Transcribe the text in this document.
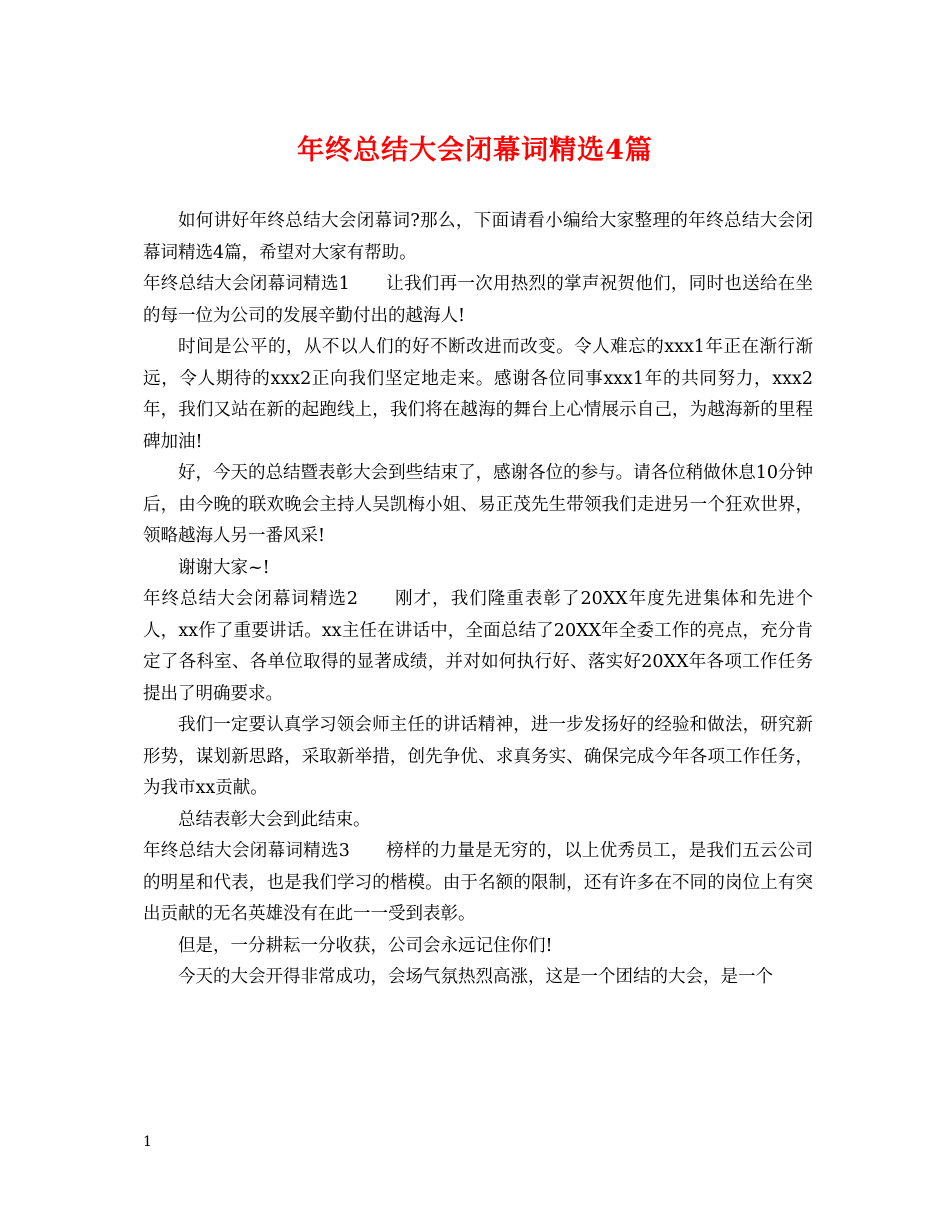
年终总结大会闭幕词精选4篇

如何讲好年终总结大会闭幕词?那么，下面请看小编给大家整理的年终总结大会闭幕词精选4篇，希望对大家有帮助。

年终总结大会闭幕词精选1 让我们再一次用热烈的掌声祝贺他们，同时也送给在坐的每一位为公司的发展辛勤付出的越海人!

时间是公平的，从不以人们的好不断改进而改变。令人难忘的xxx1年正在渐行渐远，令人期待的xxx2正向我们坚定地走来。感谢各位同事xxx1年的共同努力，xxx2年，我们又站在新的起跑线上，我们将在越海的舞台上心情展示自己，为越海新的里程碑加油!

好，今天的总结暨表彰大会到些结束了，感谢各位的参与。请各位稍做休息10分钟后，由今晚的联欢晚会主持人吴凯梅小姐、易正茂先生带领我们走进另一个狂欢世界，领略越海人另一番风采!

谢谢大家~!

年终总结大会闭幕词精选2 刚才，我们隆重表彰了20XX年度先进集体和先进个人，xx作了重要讲话。xx主任在讲话中，全面总结了20XX年全委工作的亮点，充分肯定了各科室、各单位取得的显著成绩，并对如何执行好、落实好20XX年各项工作任务提出了明确要求。

我们一定要认真学习领会师主任的讲话精神，进一步发扬好的经验和做法，研究新形势，谋划新思路，采取新举措，创先争优、求真务实、确保完成今年各项工作任务，为我市xx贡献。

总结表彰大会到此结束。

年终总结大会闭幕词精选3 榜样的力量是无穷的，以上优秀员工，是我们五云公司的明星和代表，也是我们学习的楷模。由于名额的限制，还有许多在不同的岗位上有突出贡献的无名英雄没有在此一一受到表彰。

但是，一分耕耘一分收获，公司会永远记住你们!

今天的大会开得非常成功，会场气氛热烈高涨，这是一个团结的大会，是一个

1
